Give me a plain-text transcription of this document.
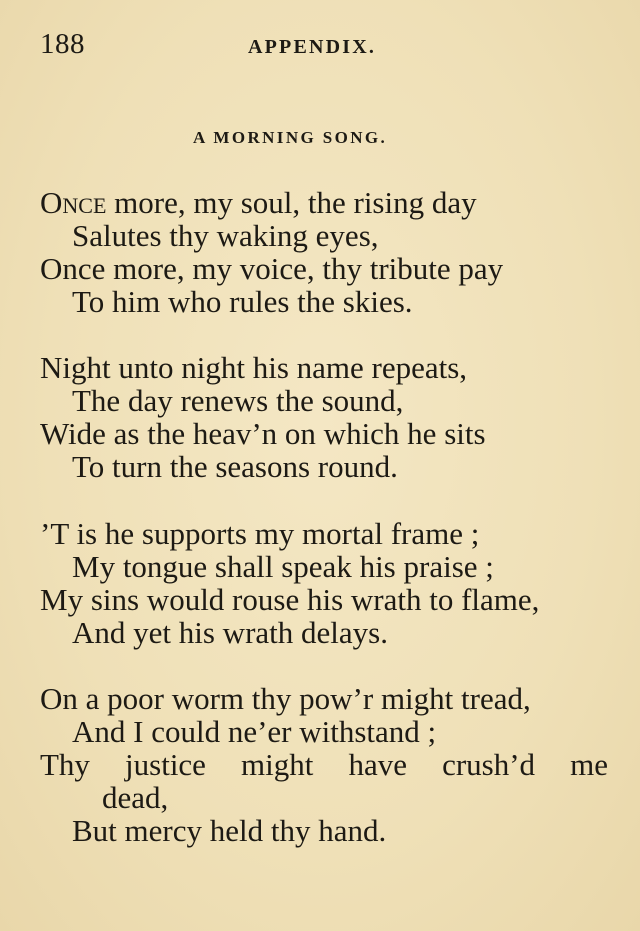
188	APPENDIX.
A MORNING SONG.
Once more, my soul, the rising day
Salutes thy waking eyes,
Once more, my voice, thy tribute pay
To him who rules the skies.
Night unto night his name repeats,
The day renews the sound,
Wide as the heav’n on which he sits
To turn the seasons round.
’T is he supports my mortal frame ;
My tongue shall speak his praise ;
My sins would rouse his wrath to flame,
And yet his wrath delays.
On a poor worm thy pow’r might tread,
And I could ne’er withstand ;
Thy justice might have crush’d me
dead,
But mercy held thy hand.
